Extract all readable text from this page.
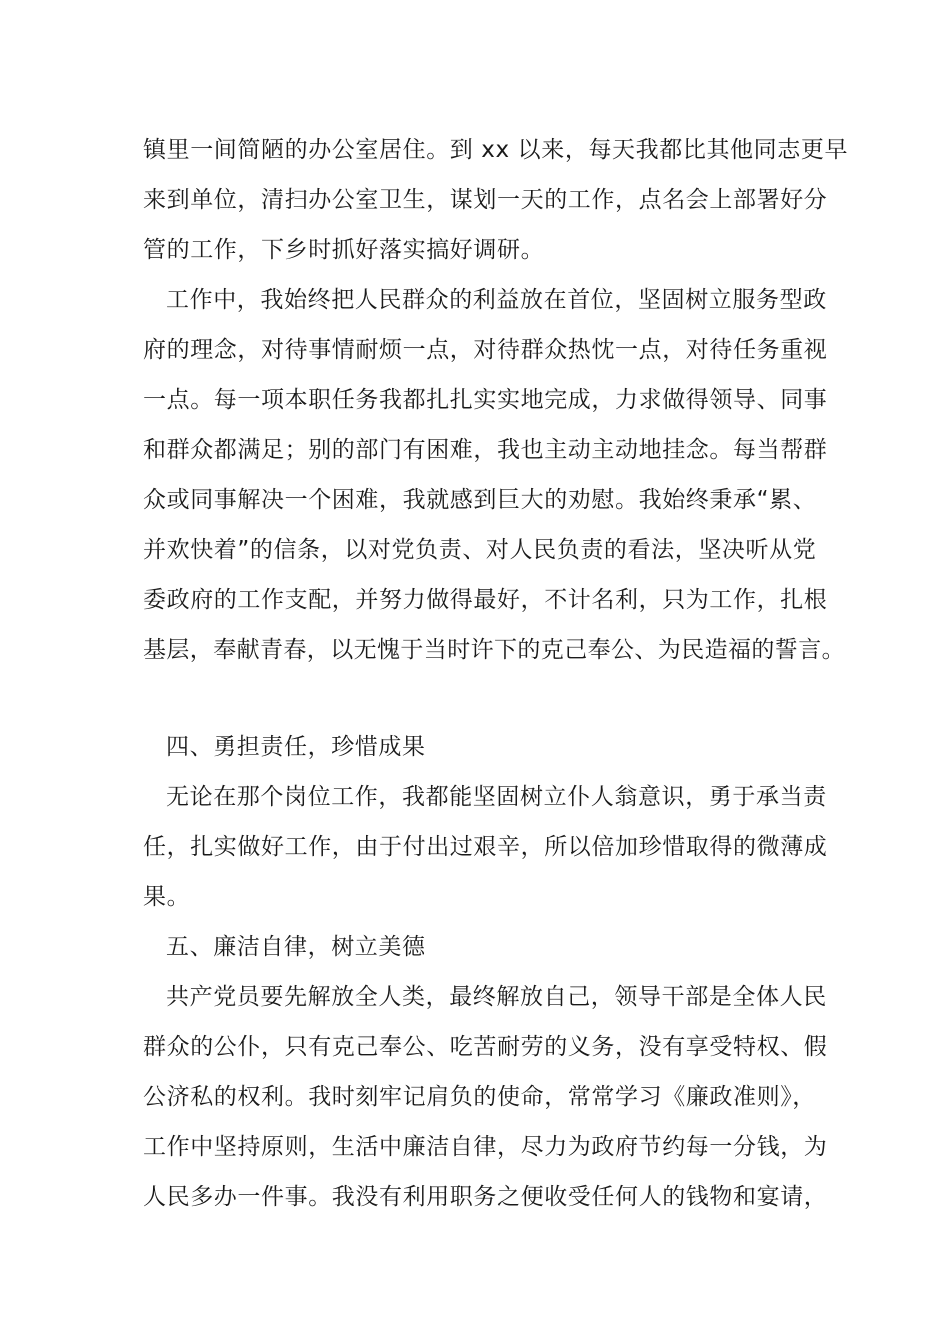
镇里一间简陋的办公室居住。到 xx 以来，每天我都比其他同志更早
来到单位，清扫办公室卫生，谋划一天的工作，点名会上部署好分
管的工作，下乡时抓好落实搞好调研。
工作中，我始终把人民群众的利益放在首位，坚固树立服务型政
府的理念，对待事情耐烦一点，对待群众热忱一点，对待任务重视
一点。每一项本职任务我都扎扎实实地完成，力求做得领导、同事
和群众都满足；别的部门有困难，我也主动主动地挂念。每当帮群
众或同事解决一个困难，我就感到巨大的劝慰。我始终秉承“累、
并欢快着”的信条，以对党负责、对人民负责的看法，坚决听从党
委政府的工作支配，并努力做得最好，不计名利，只为工作，扎根
基层，奉献青春，以无愧于当时许下的克己奉公、为民造福的誓言。
四、勇担责任，珍惜成果
无论在那个岗位工作，我都能坚固树立仆人翁意识，勇于承当责
任，扎实做好工作，由于付出过艰辛，所以倍加珍惜取得的微薄成
果。
五、廉洁自律，树立美德
共产党员要先解放全人类，最终解放自己，领导干部是全体人民
群众的公仆，只有克己奉公、吃苦耐劳的义务，没有享受特权、假
公济私的权利。我时刻牢记肩负的使命，常常学习《廉政准则》，
工作中坚持原则，生活中廉洁自律，尽力为政府节约每一分钱，为
人民多办一件事。我没有利用职务之便收受任何人的钱物和宴请，
